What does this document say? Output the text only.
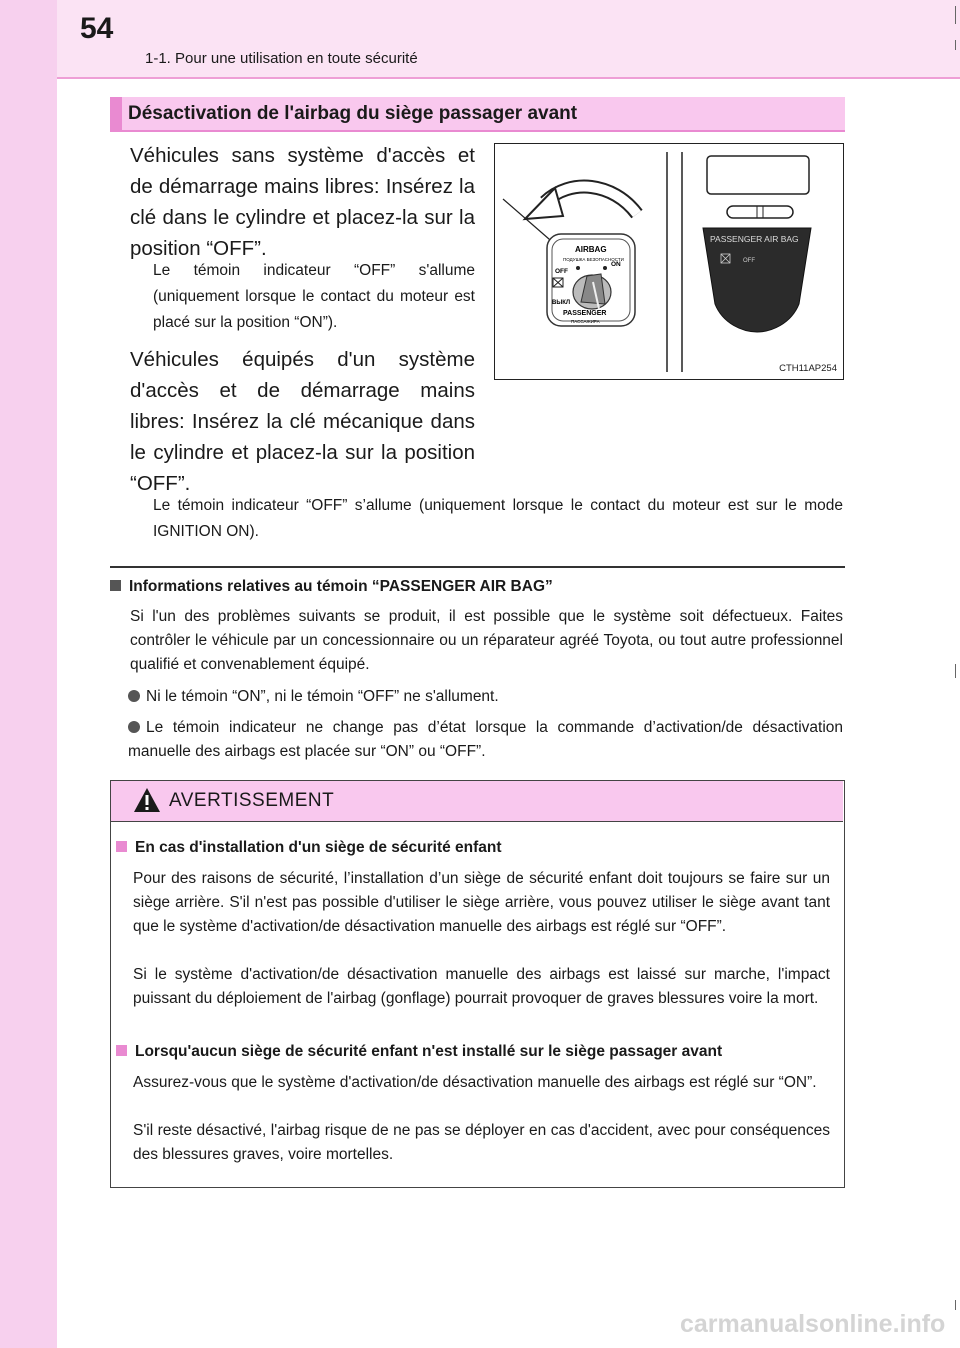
54
1-1. Pour une utilisation en toute sécurité
Désactivation de l'airbag du siège passager avant
Véhicules sans système d'accès et de démarrage mains libres: Insérez la clé dans le cylindre et placez-la sur la position “OFF”.
Le témoin indicateur “OFF” s'allume (uniquement lorsque le contact du moteur est placé sur la position “ON”).
Véhicules équipés d'un système d'accès et de démarrage mains libres: Insérez la clé mécanique dans le cylindre et placez-la sur la position “OFF”.
Le témoin indicateur “OFF” s’allume (uniquement lorsque le contact du moteur est sur le mode IGNITION ON).
AIRBAG
ПОДУШКА БЕЗОПАСНОСТИ
OFF
ON
ВЫКЛ
PASSENGER
ПАССАЖИРА
PASSENGER AIR BAG
OFF
CTH11AP254
Informations relatives au témoin “PASSENGER AIR BAG”
Si l'un des problèmes suivants se produit, il est possible que le système soit défectueux. Faites contrôler le véhicule par un concessionnaire ou un réparateur agréé Toyota, ou tout autre professionnel qualifié et convenablement équipé.
Ni le témoin “ON”, ni le témoin “OFF” ne s'allument.
Le témoin indicateur ne change pas d’état lorsque la commande d’activation/de désactivation manuelle des airbags est placée sur “ON” ou “OFF”.
AVERTISSEMENT
En cas d'installation d'un siège de sécurité enfant
Pour des raisons de sécurité, l’installation d’un siège de sécurité enfant doit toujours se faire sur un siège arrière. S'il n'est pas possible d'utiliser le siège arrière, vous pouvez utiliser le siège avant tant que le système d'activation/de désactivation manuelle des airbags est réglé sur “OFF”.
Si le système d'activation/de désactivation manuelle des airbags est laissé sur marche, l'impact puissant du déploiement de l'airbag (gonflage) pourrait provoquer de graves blessures voire la mort.
Lorsqu'aucun siège de sécurité enfant n'est installé sur le siège passager avant
Assurez-vous que le système d'activation/de désactivation manuelle des airbags est réglé sur “ON”.
S'il reste désactivé, l'airbag risque de ne pas se déployer en cas d'accident, avec pour conséquences des blessures graves, voire mortelles.
carmanualsonline.info
